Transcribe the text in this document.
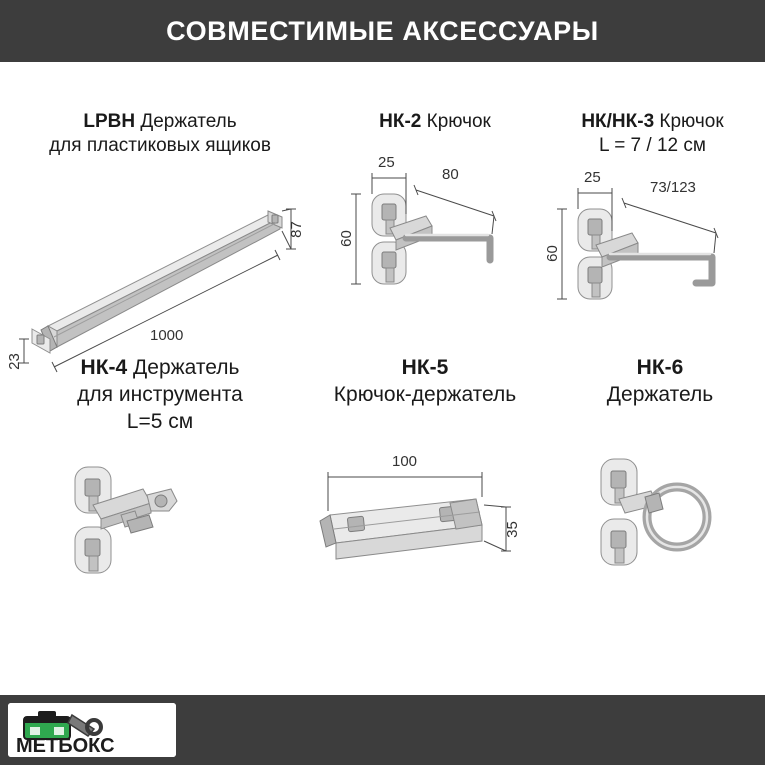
СОВМЕСТИМЫЕ АКСЕССУАРЫ
LPBH Держатель
для пластиковых ящиков
87
1000
23
НК-2 Крючок
25
80
60
НК/НК-3 Крючок
L = 7 / 12 см
25
73/123
60
НК-4 Держатель
для инструмента
L=5 см
НК-5
Крючок-держатель
100
35
НК-6
Держатель
МЕТБОКС
